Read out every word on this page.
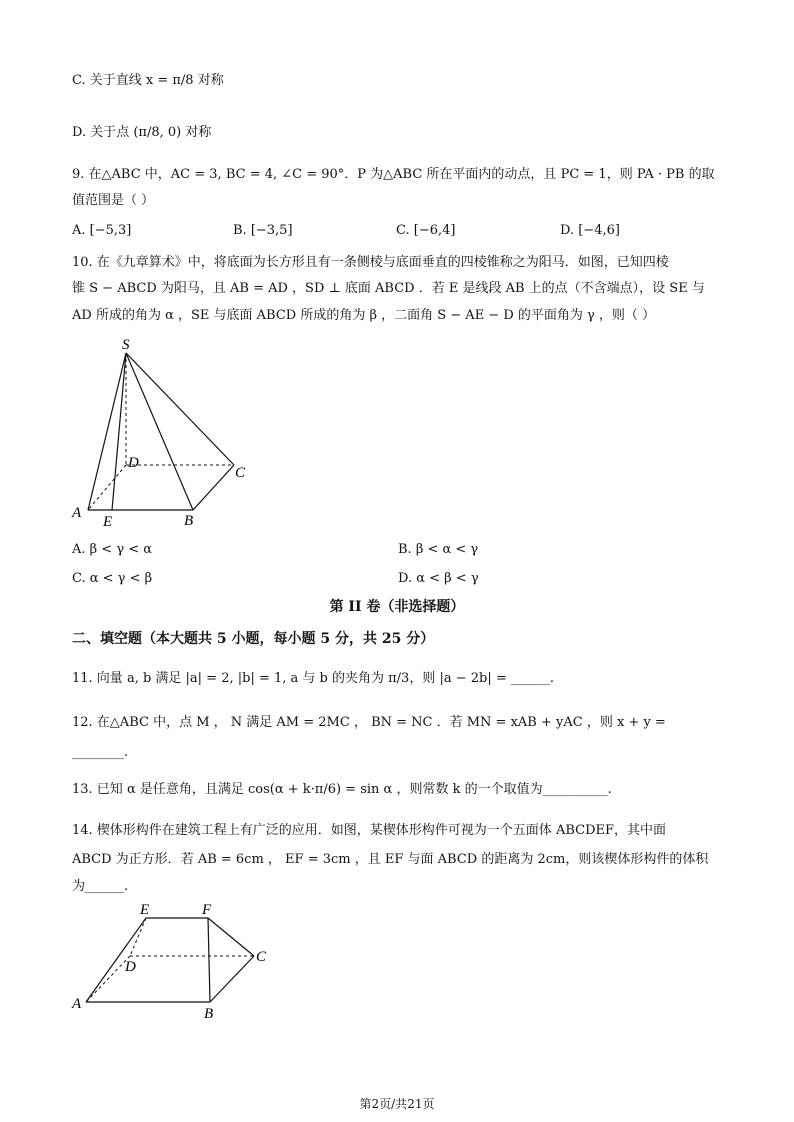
C. 关于直线 x = π/8 对称
D. 关于点 (π/8, 0) 对称
9. 在△ABC 中，AC = 3, BC = 4, ∠C = 90°．P 为△ABC 所在平面内的动点，且 PC = 1，则 PA · PB 的取
值范围是（ ）
A. [−5,3]	B. [−3,5]	C. [−6,4]	D. [−4,6]
10. 在《九章算术》中，将底面为长方形且有一条侧棱与底面垂直的四棱锥称之为阳马．如图，已知四棱
锥 S − ABCD 为阳马，且 AB = AD ，SD ⊥ 底面 ABCD ．若 E 是线段 AB 上的点（不含端点），设 SE 与
AD 所成的角为 α ，SE 与底面 ABCD 所成的角为 β ，二面角 S − AE − D 的平面角为 γ ，则（ ）
S
D
C
A
E	B
A. β < γ < α	B. β < α < γ
C. α < γ < β	D. α < β < γ
第 II 卷（非选择题）
二、填空题（本大题共 5 小题，每小题 5 分，共 25 分）
11. 向量 a, b 满足 |a| = 2, |b| = 1, a 与 b 的夹角为 π/3，则 |a − 2b| = ______.
12. 在△ABC 中，点 M ， N 满足 AM = 2MC ， BN = NC ．若 MN = xAB + yAC ，则 x + y =
________.
13. 已知 α 是任意角，且满足 cos(α + k·π/6) = sin α ，则常数 k 的一个取值为__________.
14. 楔体形构件在建筑工程上有广泛的应用．如图，某楔体形构件可视为一个五面体 ABCDEF，其中面
ABCD 为正方形．若 AB = 6cm ， EF = 3cm ，且 EF 与面 ABCD 的距离为 2cm，则该楔体形构件的体积
为______.
E	F
D
C
A
B
第2页/共21页
